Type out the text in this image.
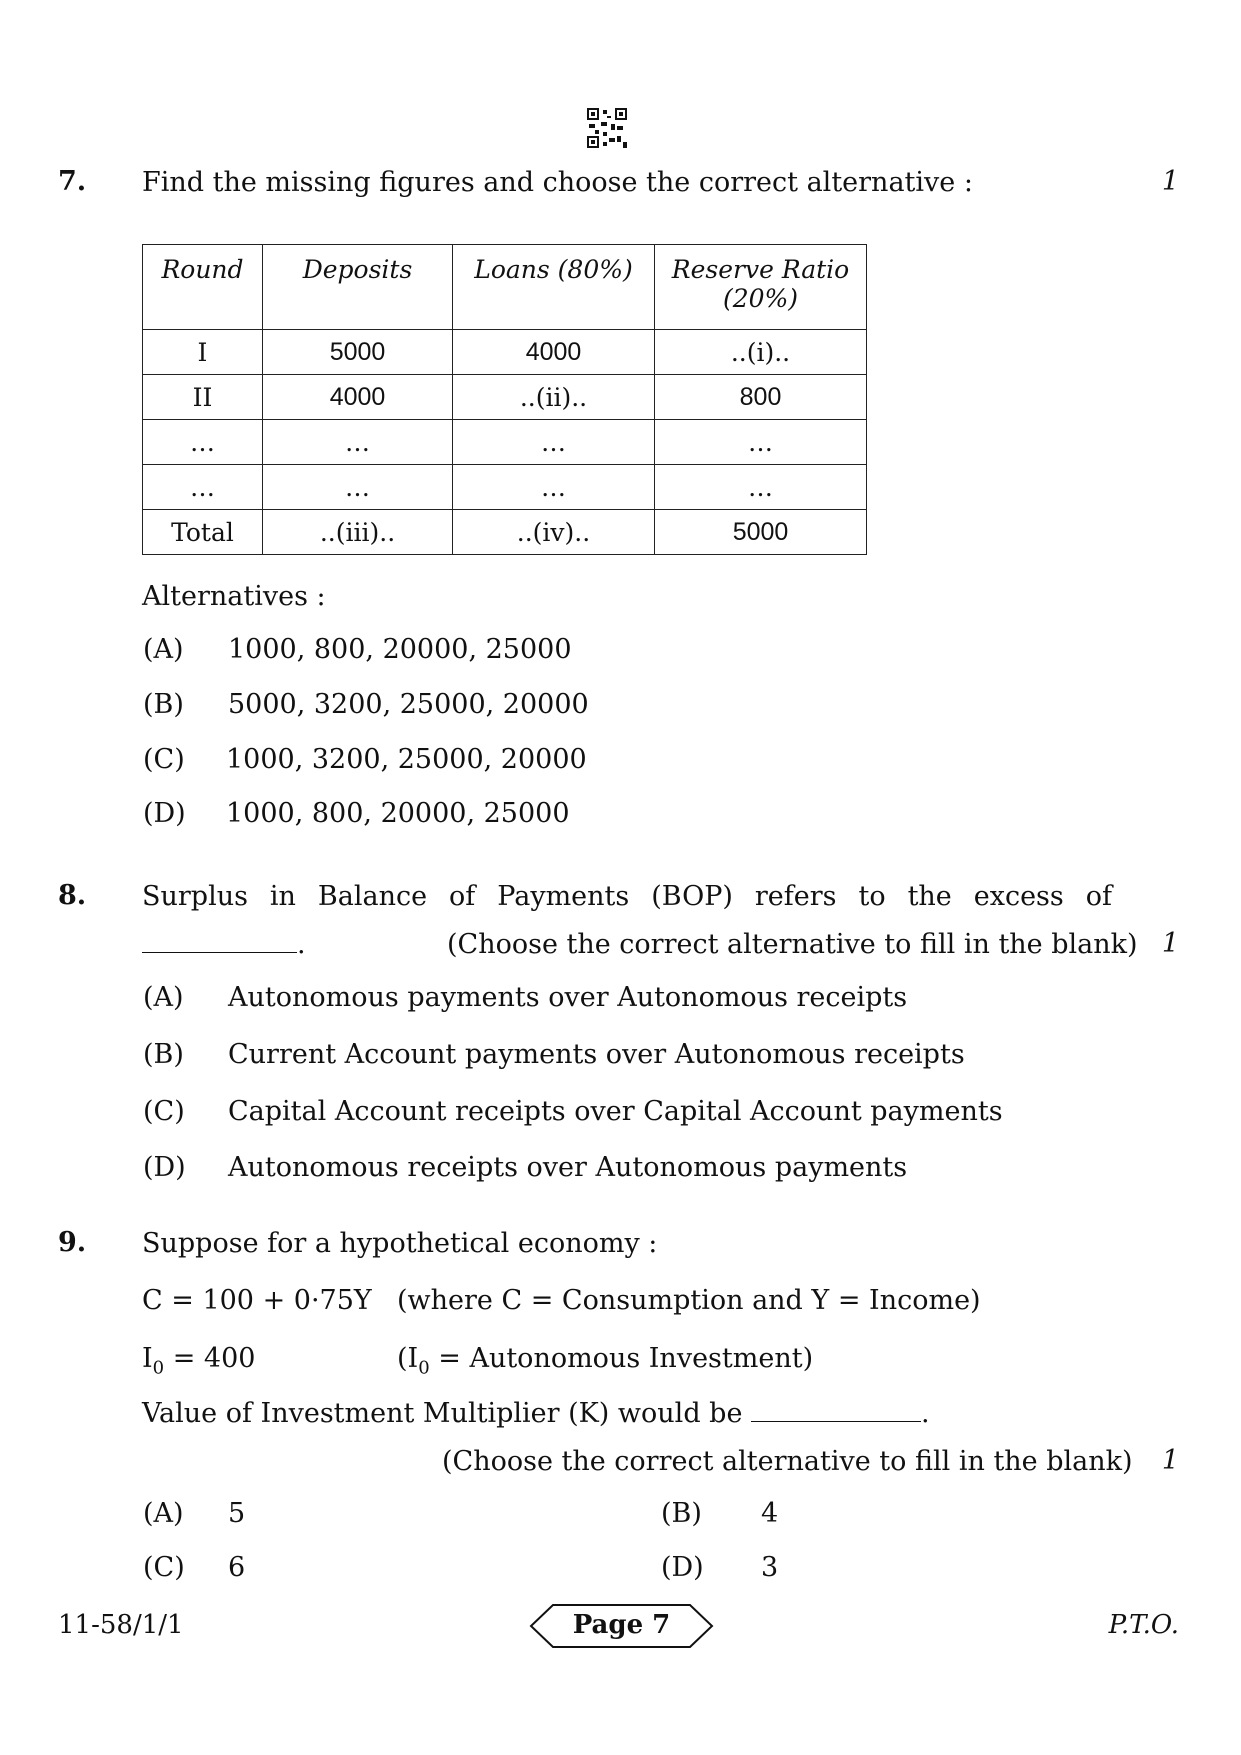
7. Find the missing figures and choose the correct alternative :	1
Round	Deposits	Loans (80%)	Reserve Ratio
(20%)
I	5000	4000	..(i)..
II	4000	..(ii)..	800
…	…	…	…
…	…	…	…
Total	..(iii)..	..(iv)..	5000
Alternatives :
(A) 1000, 800, 20000, 25000
(B) 5000, 3200, 25000, 20000
(C) 1000, 3200, 25000, 20000
(D) 1000, 800, 20000, 25000
8. Surplus in Balance of Payments (BOP) refers to the excess of
.	(Choose the correct alternative to fill in the blank) 1
(A) Autonomous payments over Autonomous receipts
(B) Current Account payments over Autonomous receipts
(C) Capital Account receipts over Capital Account payments
(D) Autonomous receipts over Autonomous payments
9. Suppose for a hypothetical economy :
C = 100 + 0·75Y (where C = Consumption and Y = Income)
$I_0 = 400$	($I_0$ = Autonomous Investment)
Value of Investment Multiplier (K) would be	.
(Choose the correct alternative to fill in the blank) 1
(A) 5	(B) 4
(C) 6	(D) 3
11-58/1/1	Page 7	P.T.O.
